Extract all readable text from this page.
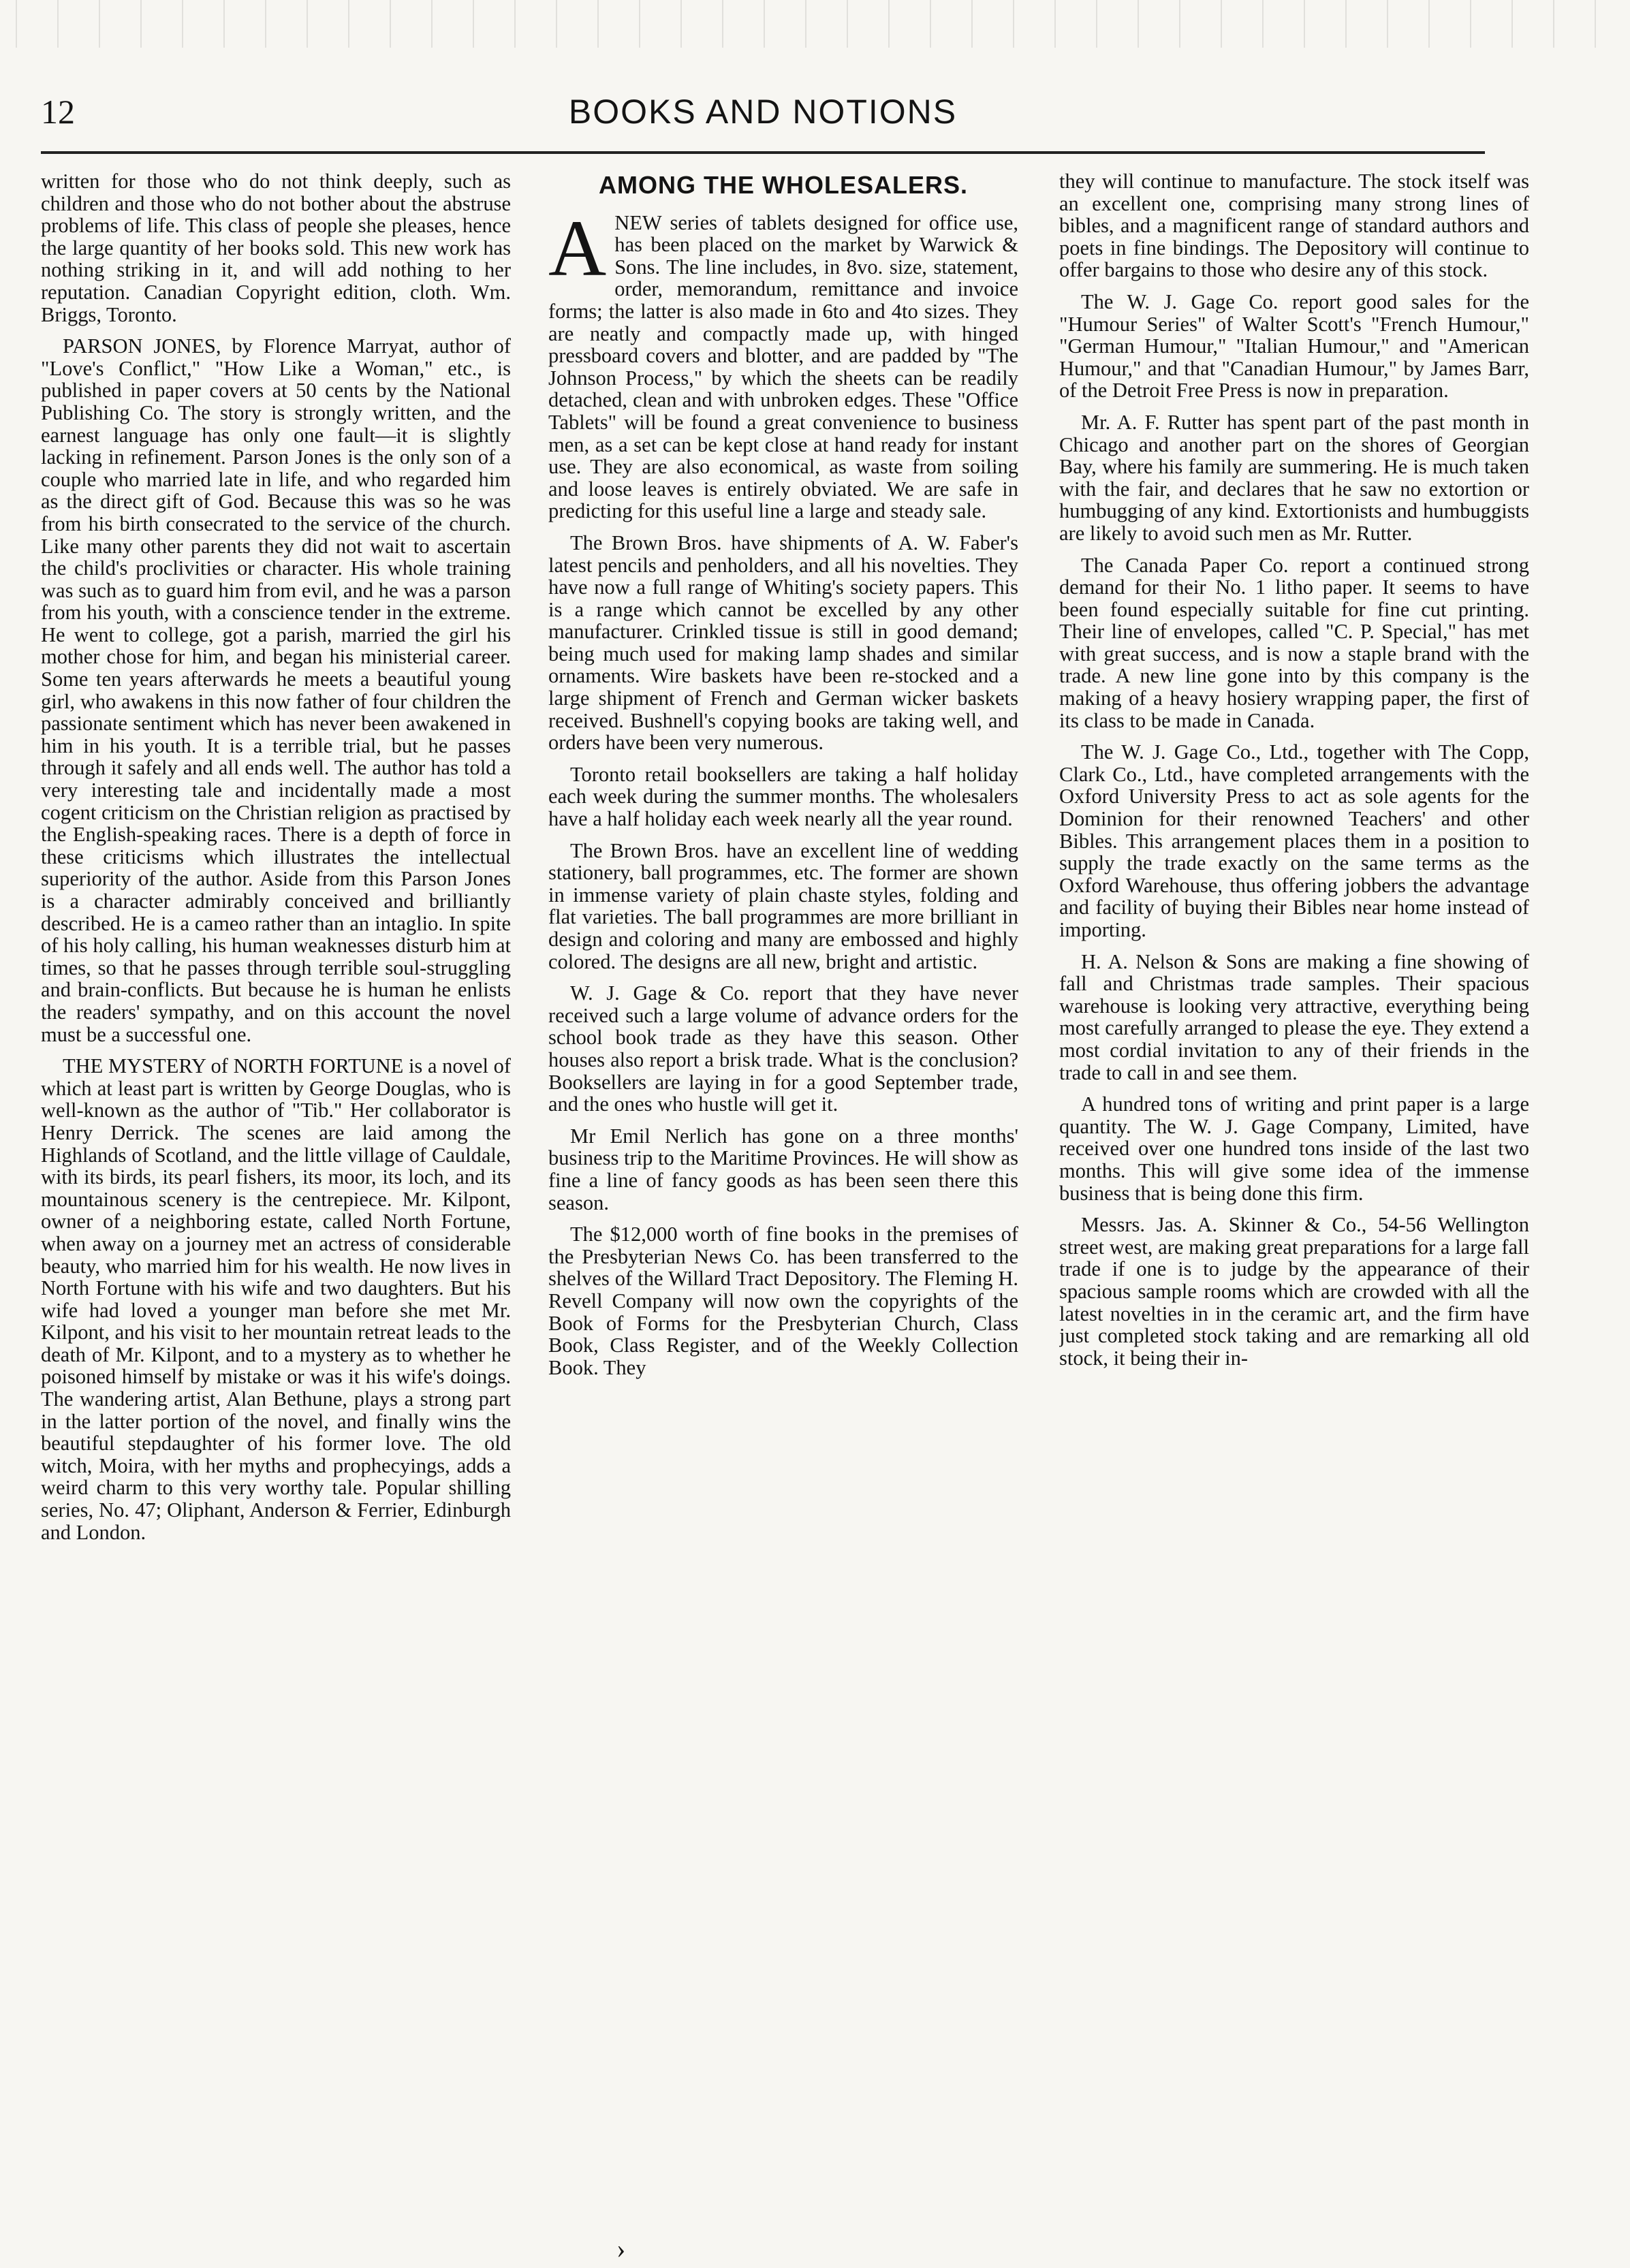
12	BOOKS AND NOTIONS

written for those who do not think deeply, such as children and those who do not bother about the abstruse problems of life. This class of people she pleases, hence the large quantity of her books sold. This new work has nothing striking in it, and will add nothing to her reputation. Canadian Copyright edition, cloth. Wm. Briggs, Toronto.

PARSON JONES, by Florence Marryat, author of "Love's Conflict," "How Like a Woman," etc., is published in paper covers at 50 cents by the National Publishing Co. The story is strongly written, and the earnest language has only one fault—it is slightly lacking in refinement. Parson Jones is the only son of a couple who married late in life, and who regarded him as the direct gift of God. Because this was so he was from his birth consecrated to the service of the church. Like many other parents they did not wait to ascertain the child's proclivities or character. His whole training was such as to guard him from evil, and he was a parson from his youth, with a conscience tender in the extreme. He went to college, got a parish, married the girl his mother chose for him, and began his ministerial career. Some ten years afterwards he meets a beautiful young girl, who awakens in this now father of four children the passionate sentiment which has never been awakened in him in his youth. It is a terrible trial, but he passes through it safely and all ends well. The author has told a very interesting tale and incidentally made a most cogent criticism on the Christian religion as practised by the English-speaking races. There is a depth of force in these criticisms which illustrates the intellectual superiority of the author. Aside from this Parson Jones is a character admirably conceived and brilliantly described. He is a cameo rather than an intaglio. In spite of his holy calling, his human weaknesses disturb him at times, so that he passes through terrible soul-struggling and brain-conflicts. But because he is human he enlists the readers' sympathy, and on this account the novel must be a successful one.

THE MYSTERY of NORTH FORTUNE is a novel of which at least part is written by George Douglas, who is well-known as the author of "Tib." Her collaborator is Henry Derrick. The scenes are laid among the Highlands of Scotland, and the little village of Cauldale, with its birds, its pearl fishers, its moor, its loch, and its mountainous scenery is the centrepiece. Mr. Kilpont, owner of a neighboring estate, called North Fortune, when away on a journey met an actress of considerable beauty, who married him for his wealth. He now lives in North Fortune with his wife and two daughters. But his wife had loved a younger man before she met Mr. Kilpont, and his visit to her mountain retreat leads to the death of Mr. Kilpont, and to a mystery as to whether he poisoned himself by mistake or was it his wife's doings. The wandering artist, Alan Bethune, plays a strong part in the latter portion of the novel, and finally wins the beautiful stepdaughter of his former love. The old witch, Moira, with her myths and prophecyings, adds a weird charm to this very worthy tale. Popular shilling series, No. 47; Oliphant, Anderson & Ferrier, Edinburgh and London.

AMONG THE WHOLESALERS.

ANEW series of tablets designed for office use, has been placed on the market by Warwick & Sons. The line includes, in 8vo. size, statement, order, memorandum, remittance and invoice forms; the latter is also made in 6to and 4to sizes. They are neatly and compactly made up, with hinged pressboard covers and blotter, and are padded by "The Johnson Process," by which the sheets can be readily detached, clean and with unbroken edges. These "Office Tablets" will be found a great convenience to business men, as a set can be kept close at hand ready for instant use. They are also economical, as waste from soiling and loose leaves is entirely obviated. We are safe in predicting for this useful line a large and steady sale.

The Brown Bros. have shipments of A. W. Faber's latest pencils and penholders, and all his novelties. They have now a full range of Whiting's society papers. This is a range which cannot be excelled by any other manufacturer. Crinkled tissue is still in good demand; being much used for making lamp shades and similar ornaments. Wire baskets have been re-stocked and a large shipment of French and German wicker baskets received. Bushnell's copying books are taking well, and orders have been very numerous.

Toronto retail booksellers are taking a half holiday each week during the summer months. The wholesalers have a half holiday each week nearly all the year round.

The Brown Bros. have an excellent line of wedding stationery, ball programmes, etc. The former are shown in immense variety of plain chaste styles, folding and flat varieties. The ball programmes are more brilliant in design and coloring and many are embossed and highly colored. The designs are all new, bright and artistic.

W. J. Gage & Co. report that they have never received such a large volume of advance orders for the school book trade as they have this season. Other houses also report a brisk trade. What is the conclusion? Booksellers are laying in for a good September trade, and the ones who hustle will get it.

Mr Emil Nerlich has gone on a three months' business trip to the Maritime Provinces. He will show as fine a line of fancy goods as has been seen there this season.

The $12,000 worth of fine books in the premises of the Presbyterian News Co. has been transferred to the shelves of the Willard Tract Depository. The Fleming H. Revell Company will now own the copyrights of the Book of Forms for the Presbyterian Church, Class Book, Class Register, and of the Weekly Collection Book. They

they will continue to manufacture. The stock itself was an excellent one, comprising many strong lines of bibles, and a magnificent range of standard authors and poets in fine bindings. The Depository will continue to offer bargains to those who desire any of this stock.

The W. J. Gage Co. report good sales for the "Humour Series" of Walter Scott's "French Humour," "German Humour," "Italian Humour," and "American Humour," and that "Canadian Humour," by James Barr, of the Detroit Free Press is now in preparation.

Mr. A. F. Rutter has spent part of the past month in Chicago and another part on the shores of Georgian Bay, where his family are summering. He is much taken with the fair, and declares that he saw no extortion or humbugging of any kind. Extortionists and humbuggists are likely to avoid such men as Mr. Rutter.

The Canada Paper Co. report a continued strong demand for their No. 1 litho paper. It seems to have been found especially suitable for fine cut printing. Their line of envelopes, called "C. P. Special," has met with great success, and is now a staple brand with the trade. A new line gone into by this company is the making of a heavy hosiery wrapping paper, the first of its class to be made in Canada.

The W. J. Gage Co., Ltd., together with The Copp, Clark Co., Ltd., have completed arrangements with the Oxford University Press to act as sole agents for the Dominion for their renowned Teachers' and other Bibles. This arrangement places them in a position to supply the trade exactly on the same terms as the Oxford Warehouse, thus offering jobbers the advantage and facility of buying their Bibles near home instead of importing.

H. A. Nelson & Sons are making a fine showing of fall and Christmas trade samples. Their spacious warehouse is looking very attractive, everything being most carefully arranged to please the eye. They extend a most cordial invitation to any of their friends in the trade to call in and see them.

A hundred tons of writing and print paper is a large quantity. The W. J. Gage Company, Limited, have received over one hundred tons inside of the last two months. This will give some idea of the immense business that is being done this firm.

Messrs. Jas. A. Skinner & Co., 54-56 Wellington street west, are making great preparations for a large fall trade if one is to judge by the appearance of their spacious sample rooms which are crowded with all the latest novelties in in the ceramic art, and the firm have just completed stock taking and are remarking all old stock, it being their in-

›
